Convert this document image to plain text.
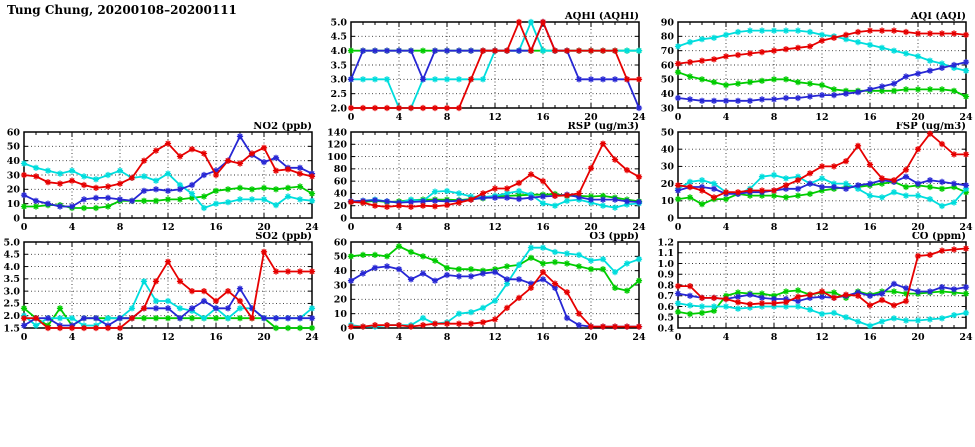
Tung Chung, 20200108–20200111
2.0
2.5
3.0
3.5
4.0
4.5
5.0
0	4	8	12	16	20	24
AQHI (AQHI)
30
40
50
60
70
80
90
0	4	8	12	16	20	24
AQI (AQI)
0
10
20
30
40
50
60
0	4	8	12	16	20	24
NO2 (ppb)
0
20
40
60
80
100
120
140
0	4	8	12	16	20	24
RSP (ug/m3)
0
10
20
30
40
50
0	4	8	12	16	20	24
FSP (ug/m3)
1.5
2.0
2.5
3.0
3.5
4.0
4.5
5.0
0	4	8	12	16	20	24
SO2 (ppb)
0
10
20
30
40
50
60
0	4	8	12	16	20	24
O3 (ppb)
0.4
0.5
0.6
0.7
0.8
0.9
1.0
1.1
1.2
0	4	8	12	16	20	24
CO (ppm)
